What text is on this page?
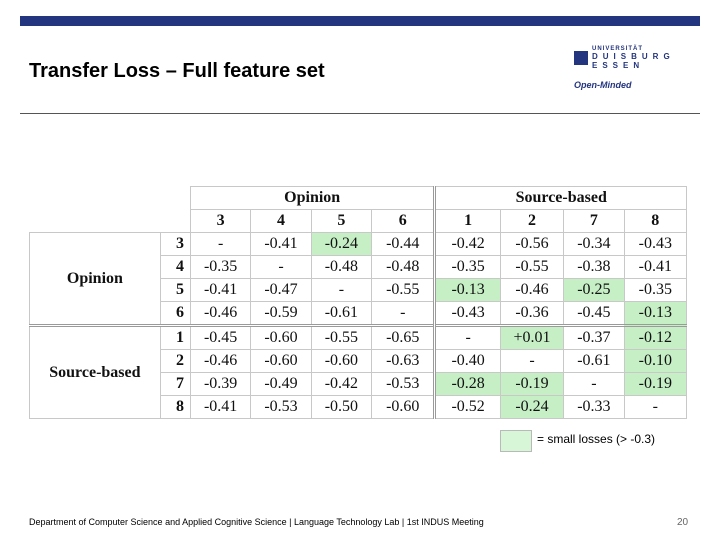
Transfer Loss – Full feature set
UNIVERSITÄT
DUISBURG
ESSEN
Open-Minded
		Opinion				Source-based			
		3	4	5	6	1	2	7	8
Opinion	3	-	-0.41	-0.24	-0.44	-0.42	-0.56	-0.34	-0.43
	4	-0.35	-	-0.48	-0.48	-0.35	-0.55	-0.38	-0.41
	5	-0.41	-0.47	-	-0.55	-0.13	-0.46	-0.25	-0.35
	6	-0.46	-0.59	-0.61	-	-0.43	-0.36	-0.45	-0.13
Source-based	1	-0.45	-0.60	-0.55	-0.65	-	+0.01	-0.37	-0.12
	2	-0.46	-0.60	-0.60	-0.63	-0.40	-	-0.61	-0.10
	7	-0.39	-0.49	-0.42	-0.53	-0.28	-0.19	-	-0.19
	8	-0.41	-0.53	-0.50	-0.60	-0.52	-0.24	-0.33	-
= small losses (> -0.3)
Department of Computer Science and Applied Cognitive Science | Language Technology Lab | 1st INDUS Meeting	20
